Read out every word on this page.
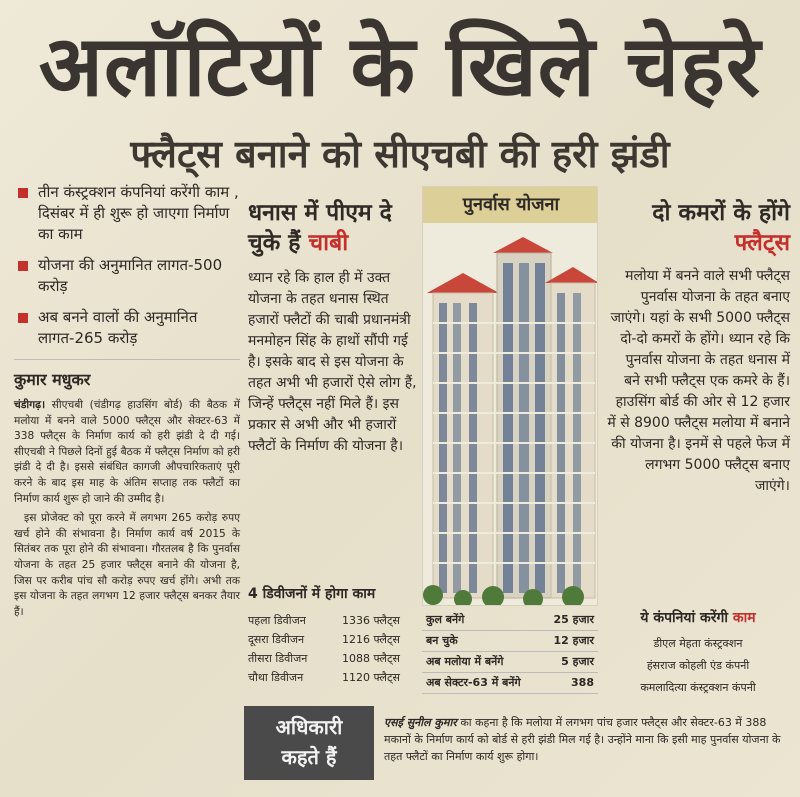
अलॉटियों के खिले चेहरे
फ्लैट्स बनाने को सीएचबी की हरी झंडी
तीन कंस्ट्रक्शन कंपनियां करेंगी काम , दिसंबर में ही शुरू हो जाएगा निर्माण का काम
योजना की अनुमानित लागत-500 करोड़
अब बनने वालों की अनुमानित लागत-265 करोड़
कुमार मधुकर

चंडीगढ़। सीएचबी (चंडीगढ़ हाउसिंग बोर्ड) की बैठक में मलोया में बनने वाले 5000 फ्लैट्स और सेक्टर-63 में 338 फ्लैट्स के निर्माण कार्य को हरी झंडी दे दी गई। सीएचबी ने पिछले दिनों हुई बैठक में फ्लैट्स निर्माण को हरी झंडी दे दी है। इससे संबंधित कागजी औपचारिकताएं पूरी करने के बाद इस माह के अंतिम सप्ताह तक फ्लैटों का निर्माण कार्य शुरू हो जाने की उम्मीद है।

इस प्रोजेक्ट को पूरा करने में लगभग 265 करोड़ रुपए खर्च होने की संभावना है। निर्माण कार्य वर्ष 2015 के सितंबर तक पूरा होने की संभावना। गौरतलब है कि पुनर्वास योजना के तहत 25 हजार फ्लैट्स बनाने की योजना है, जिस पर करीब पांच सौ करोड़ रुपए खर्च होंगे। अभी तक इस योजना के तहत लगभग 12 हजार फ्लैट्स बनकर तैयार हैं।

धनास में पीएम दे चुके हैं चाबी
ध्यान रहे कि हाल ही में उक्त योजना के तहत धनास स्थित हजारों फ्लैटों की चाबी प्रधानमंत्री मनमोहन सिंह के हाथों सौंपी गई है। इसके बाद से इस योजना के तहत अभी भी हजारों ऐसे लोग हैं, जिन्हें फ्लैट्स नहीं मिले हैं। इस प्रकार से अभी और भी हजारों फ्लैटों के निर्माण की योजना है।
4 डिवीजनों में होगा काम
पहला डिवीजन	1336 फ्लैट्स
दूसरा डिवीजन	1216 फ्लैट्स
तीसरा डिवीजन	1088 फ्लैट्स
चौथा डिवीजन	1120 फ्लैट्स
पुनर्वास योजना
कुल बनेंगे	25 हजार
बन चुके	12 हजार
अब मलोया में बनेंगे	5 हजार
अब सेक्टर-63 में बनेंगे	388
दो कमरों के होंगे फ्लैट्स
मलोया में बनने वाले सभी फ्लैट्स पुनर्वास योजना के तहत बनाए जाएंगे। यहां के सभी 5000 फ्लैट्स दो-दो कमरों के होंगे। ध्यान रहे कि पुनर्वास योजना के तहत धनास में बने सभी फ्लैट्स एक कमरे के हैं। हाउसिंग बोर्ड की ओर से 12 हजार में से 8900 फ्लैट्स मलोया में बनाने की योजना है। इनमें से पहले फेज में लगभग 5000 फ्लैट्स बनाए जाएंगे।
ये कंपनियां करेंगी काम
डीएल मेहता कंस्ट्रक्शन
हंसराज कोहली एंड कंपनी
कमलादित्या कंस्ट्रक्शन कंपनी
अधिकारी
कहते हैं
एसई सुनील कुमार का कहना है कि मलोया में लगभग पांच हजार फ्लैट्स और सेक्टर-63 में 388 मकानों के निर्माण कार्य को बोर्ड से हरी झंडी मिल गई है। उन्होंने माना कि इसी माह पुनर्वास योजना के तहत फ्लैटों का निर्माण कार्य शुरू होगा।
